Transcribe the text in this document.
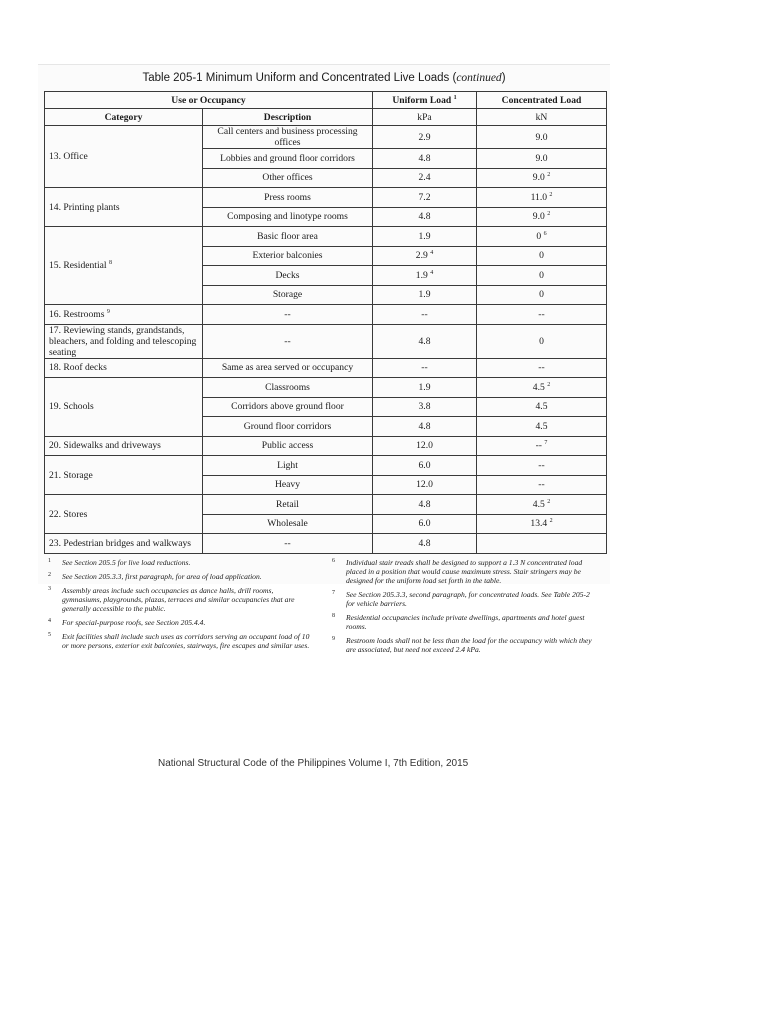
Table 205-1 Minimum Uniform and Concentrated Live Loads (continued)
Use or Occupancy		Uniform Load $^1$	Concentrated Load
Category	Description	kPa	kN
13. Office	Call centers and business processing offices	2.9	9.0
	Lobbies and ground floor corridors	4.8	9.0
	Other offices	2.4	9.0 $^2$
14. Printing plants	Press rooms	7.2	11.0 $^2$
	Composing and linotype rooms	4.8	9.0 $^2$
15. Residential $^8$	Basic floor area	1.9	0 $^6$
	Exterior balconies	2.9 $^4$	0
	Decks	1.9 $^4$	0
	Storage	1.9	0
16. Restrooms $^9$	--	--	--
17. Reviewing stands, grandstands, bleachers, and folding and telescoping seating	--	4.8	0
18. Roof decks	Same as area served or occupancy	--	--
19. Schools	Classrooms	1.9	4.5 $^2$
	Corridors above ground floor	3.8	4.5
	Ground floor corridors	4.8	4.5
20. Sidewalks and driveways	Public access	12.0	-- $^7$
21. Storage	Light	6.0	--
	Heavy	12.0	--
22. Stores	Retail	4.8	4.5 $^2$
	Wholesale	6.0	13.4 $^2$
23. Pedestrian bridges and walkways	--	4.8	
1 See Section 205.5 for live load reductions.
2 See Section 205.3.3, first paragraph, for area of load application.
3 Assembly areas include such occupancies as dance halls, drill rooms, gymnasiums, playgrounds, plazas, terraces and similar occupancies that are generally accessible to the public.
4 For special-purpose roofs, see Section 205.4.4.
5 Exit facilities shall include such uses as corridors serving an occupant load of 10 or more persons, exterior exit balconies, stairways, fire escapes and similar uses.
6 Individual stair treads shall be designed to support a 1.3 N concentrated load placed in a position that would cause maximum stress. Stair stringers may be designed for the uniform load set forth in the table.
7 See Section 205.3.3, second paragraph, for concentrated loads. See Table 205-2 for vehicle barriers.
8 Residential occupancies include private dwellings, apartments and hotel guest rooms.
9 Restroom loads shall not be less than the load for the occupancy with which they are associated, but need not exceed 2.4 kPa.
National Structural Code of the Philippines Volume I, 7th Edition, 2015
